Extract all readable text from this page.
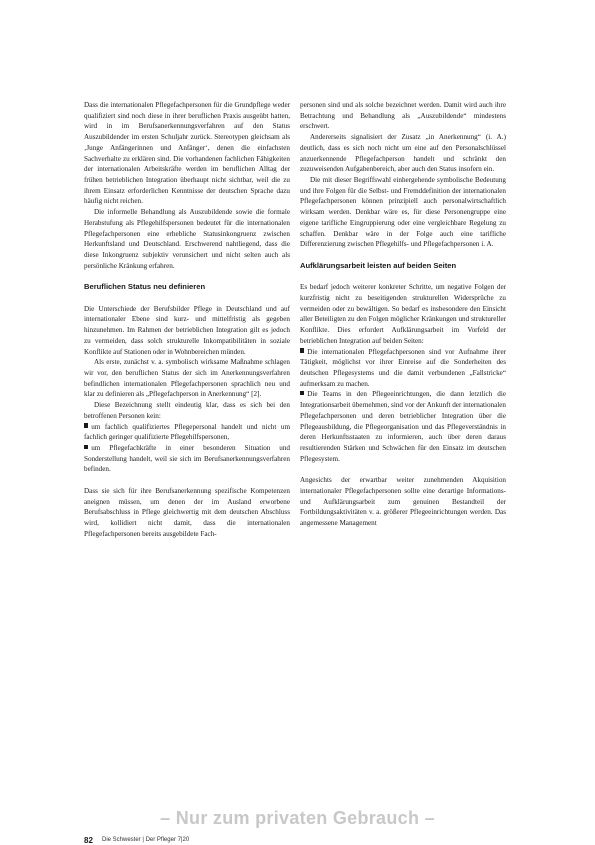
Dass die internationalen Pflegefachpersonen für die Grundpflege weder qualifiziert sind noch diese in ihrer beruflichen Praxis ausgeübt hatten, wird in im Berufsanerkennungsverfahren auf den Status Auszubildender im ersten Schuljahr zurück. Stereotypen gleichsam als ‚Junge Anfängerinnen und Anfänger‘, denen die einfachsten Sachverhalte zu erklären sind. Die vorhandenen fachlichen Fähigkeiten der internationalen Arbeitskräfte werden im beruflichen Alltag der frühen betrieblichen Integration überhaupt nicht sichtbar, weil die zu ihrem Einsatz erforderlichen Kenntnisse der deutschen Sprache dazu häufig nicht reichen.

Die informelle Behandlung als Auszubildende sowie die formale Herabstufung als Pflegehilfspersonen bedeutet für die internationalen Pflegefachpersonen eine erhebliche Statusinkongruenz zwischen Herkunftsland und Deutschland. Erschwerend nahtliegend, dass die diese Inkongruenz subjektiv verunsichert und nicht selten auch als persönliche Kränkung erfahren.

Beruflichen Status neu definieren

Die Unterschiede der Berufsbilder Pflege in Deutschland und auf internationaler Ebene sind kurz- und mittelfristig als gegeben hinzunehmen. Im Rahmen der betrieblichen Integration gilt es jedoch zu vermeiden, dass solch strukturelle Inkompatibilitäten in soziale Konflikte auf Stationen oder in Wohnbereichen münden.

Als erste, zunächst v. a. symbolisch wirksame Maßnahme schlagen wir vor, den beruflichen Status der sich im Anerkennungsverfahren befindlichen internationalen Pflegefachpersonen sprachlich neu und klar zu definieren als „Pflegefachperson in Anerkennung“ [2].

Diese Bezeichnung stellt eindeutig klar, dass es sich bei den betroffenen Personen kein:

um fachlich qualifiziertes Pflegepersonal handelt und nicht um fachlich geringer qualifizierte Pflegehilfspersonen,

um Pflegefachkräfte in einer besonderen Situation und Sonderstellung handelt, weil sie sich im Berufsanerkennungsverfahren befinden.

Dass sie sich für ihre Berufsanerkennung spezifische Kompetenzen aneignen müssen, um denen der im Ausland erworbene Berufsabschluss in Pflege gleichwertig mit dem deutschen Abschluss wird, kollidiert nicht damit, dass die internationalen Pflegefachpersonen bereits ausgebildete Fach-

personen sind und als solche bezeichnet werden. Damit wird auch ihre Betrachtung und Behandlung als „Auszubildende“ mindestens erschwert.

Andererseits signalisiert der Zusatz „in Anerkennung“ (i. A.) deutlich, dass es sich noch nicht um eine auf den Personalschlüssel anzuerkennende Pflegefachperson handelt und schränkt den zuzuweisenden Aufgabenbereich, aber auch den Status insofern ein.

Die mit dieser Begriffswahl einhergehende symbolische Bedeutung und ihre Folgen für die Selbst- und Fremddefinition der internationalen Pflegefachpersonen können prinzipiell auch personalwirtschaftlich wirksam werden. Denkbar wäre es, für diese Personengruppe eine eigene tarifliche Eingruppierung oder eine vergleichbare Regelung zu schaffen. Denkbar wäre in der Folge auch eine tarifliche Differenzierung zwischen Pflegehilfs- und Pflegefachpersonen i. A.

Aufklärungsarbeit leisten auf beiden Seiten

Es bedarf jedoch weiterer konkreter Schritte, um negative Folgen der kurzfristig nicht zu beseitigenden strukturellen Widersprüche zu vermeiden oder zu bewältigen. So bedarf es insbesondere den Einsicht aller Beteiligten zu den Folgen möglicher Kränkungen und struktureller Konflikte. Dies erfordert Aufklärungsarbeit im Vorfeld der betrieblichen Integration auf beiden Seiten:

Die internationalen Pflegefachpersonen sind vor Aufnahme ihrer Tätigkeit, möglichst vor ihrer Einreise auf die Sonderheiten des deutschen Pflegesystems und die damit verbundenen „Fallstricke“ aufmerksam zu machen.

Die Teams in den Pflegeeinrichtungen, die dann letztlich die Integrationsarbeit übernehmen, sind vor der Ankunft der internationalen Pflegefachpersonen und deren betrieblicher Integration über die Pflegeausbildung, die Pflegeorganisation und das Pflegeverständnis in deren Herkunftsstaaten zu informieren, auch über deren daraus resultierenden Stärken und Schwächen für den Einsatz im deutschen Pflegesystem.

Angesichts der erwartbar weiter zunehmenden Akquisition internationaler Pflegefachpersonen sollte eine derartige Informations- und Aufklärungsarbeit zum genuinen Bestandteil der Fortbildungsaktivitäten v. a. größerer Pflegeeinrichtungen werden. Das angemessene Management

– Nur zum privaten Gebrauch –
82 Die Schwester | Der Pfleger 7|20
